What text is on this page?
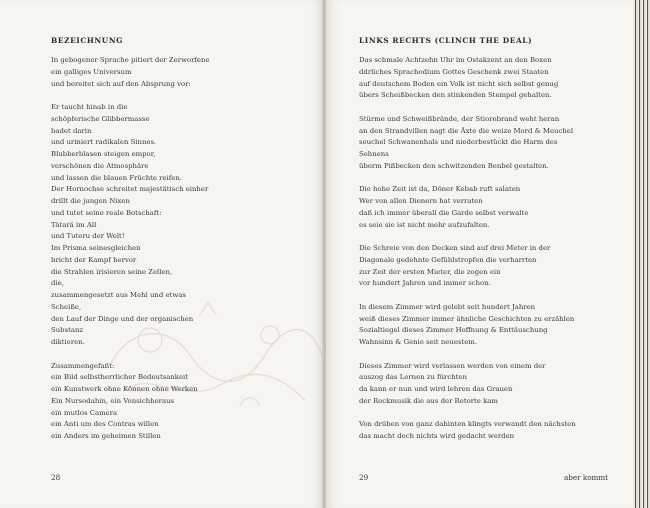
BEZEICHNUNG
In gebogener Sprache pitiert der Zerworfene
ein galliges Universum
und bereitet sich auf den Absprung vor:
Er taucht hinab in die
schöpferische Glibbermasse
badet darin
und uriniert radikalen Sinnes.
Blubberblasen steigen empor,
verschönen die Atmosphäre
und lassen die blauen Früchte reifen.
Der Hornochse schreitet majestätisch einher
drillt die jungen Nixen
und tutet seine reale Botschaft:
Tätarä im All
und Tuteru der Welt!
Im Prisma seinesgleichen
bricht der Kampf hervor
die Strahlen irisieren seine Zellen,
die,
zusammengesetzt aus Mehl und etwas
Scheiße,
den Lauf der Dinge und der organischen
Substanz
diktieren.
Zusammengefaßt:
ein Bild selbstherrlicher Bedeutsankeit
ein Kunstwerk ohne Können ohne Werken
Ein Nursodahin, ein Vonsichheraus
ein mutlos Camera
ein Anti um des Contras willen
ein Anders im geheimen Stillen
28
LINKS RECHTS (CLINCH THE DEAL)
Das schmale Achtzehn Uhr im Ostakzent an den Boxen
ddrliches Sprachodium Gottes Geschenk zwei Staaten
auf deutschem Boden ein Volk ist nicht sich selbst genug
übers Scheißbecken den stinkenden Stempel gehalten.
Stürme und Schweißbrände, der Stiorebrand weht heran
an den Strandvillen nagt die Äxte die weize Mord & Meuchel
seuchel Schwanenhals und niederbestückt die Harm des
Sehnens
überm Pißbecken den schwitzenden Benbel gestalten.
Die hohe Zeit ist da, Döner Kebab ruft salaten
Wer von allen Dienern hat verraten
daß ich immer überall die Garde selbst verwalte
es seie sie ist nicht mehr aufzufalten.
Die Schreie von den Decken sind auf drei Meter in der
Diagonale gedehnte Gefühlstropfen die verharrten
zur Zeit der ersten Mieter, die zogen ein
vor hundert Jahren und immer schon.
In diesem Zimmer wird gelebt seit hundert Jahren
weiß dieses Zimmer immer ähnliche Geschichten zu erzählen
Sozialtiegel dieses Zimmer Hoffnung & Enttäuschung
Wahnsinn & Genie seit neuestem.
Dieses Zimmer wird verlassen werden von einem der
auszog das Lernen zu fürchten
da kann er nun und wird lehren das Grauen
der Rockmusik die aus der Retorte kam
Von drüben von ganz dahinten klingts verwandt den nächsten
das macht doch nichts wird gedacht werden
29	aber kommt
